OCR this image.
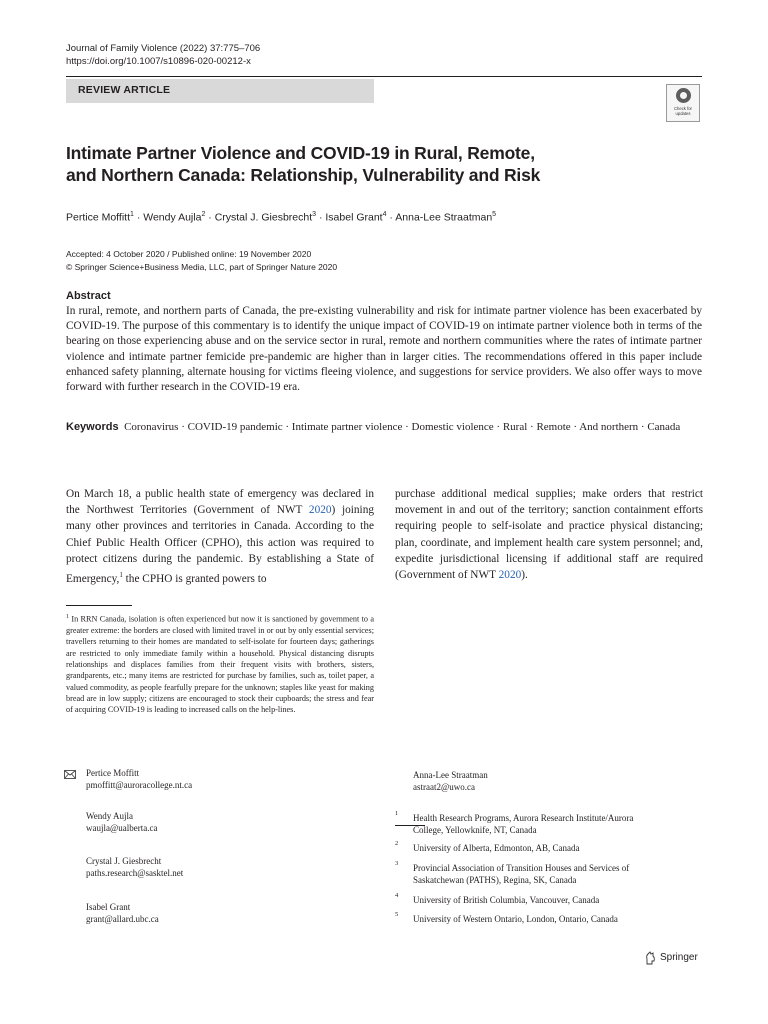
Journal of Family Violence (2022) 37:775–706
https://doi.org/10.1007/s10896-020-00212-x
REVIEW ARTICLE
Check for updates
Intimate Partner Violence and COVID-19 in Rural, Remote,
and Northern Canada: Relationship, Vulnerability and Risk
Pertice Moffitt$^1$ · Wendy Aujla$^2$ · Crystal J. Giesbrecht$^3$ · Isabel Grant$^4$ · Anna-Lee Straatman$^5$
Accepted: 4 October 2020 / Published online: 19 November 2020
© Springer Science+Business Media, LLC, part of Springer Nature 2020
Abstract
In rural, remote, and northern parts of Canada, the pre-existing vulnerability and risk for intimate partner violence has been exacerbated by COVID-19. The purpose of this commentary is to identify the unique impact of COVID-19 on intimate partner violence both in terms of the bearing on those experiencing abuse and on the service sector in rural, remote and northern communities where the rates of intimate partner violence and intimate partner femicide pre-pandemic are higher than in larger cities. The recommendations offered in this paper include enhanced safety planning, alternate housing for victims fleeing violence, and suggestions for service providers. We also offer ways to move forward with further research in the COVID-19 era.
Keywords Coronavirus · COVID-19 pandemic · Intimate partner violence · Domestic violence · Rural · Remote · And northern · Canada
On March 18, a public health state of emergency was declared in the Northwest Territories (Government of NWT 2020) joining many other provinces and territories in Canada. According to the Chief Public Health Officer (CPHO), this action was required to protect citizens during the pandemic. By establishing a State of Emergency,$^1$ the CPHO is granted powers to
purchase additional medical supplies; make orders that restrict movement in and out of the territory; sanction containment efforts requiring people to self-isolate and practice physical distancing; plan, coordinate, and implement health care system personnel; and, expedite jurisdictional licensing if additional staff are required (Government of NWT 2020).
$^1$ In RRN Canada, isolation is often experienced but now it is sanctioned by government to a greater extreme: the borders are closed with limited travel in or out by only essential services; travellers returning to their homes are mandated to self-isolate for fourteen days; gatherings are restricted to only immediate family within a household. Physical distancing disrupts relationships and displaces families from their frequent visits with brothers, sisters, grandparents, etc.; many items are restricted for purchase by families, such as, toilet paper, a valued commodity, as people fearfully prepare for the unknown; staples like yeast for making bread are in low supply; citizens are encouraged to stock their cupboards; the stress and fear of acquiring COVID-19 is leading to increased calls on the help-lines.
Pertice Moffitt
pmoffitt@auroracollege.nt.ca
Wendy Aujla
waujla@ualberta.ca
Crystal J. Giesbrecht
paths.research@sasktel.net
Isabel Grant
grant@allard.ubc.ca
Anna-Lee Straatman
astraat2@uwo.ca
1 Health Research Programs, Aurora Research Institute/Aurora
College, Yellowknife, NT, Canada
2 University of Alberta, Edmonton, AB, Canada
3 Provincial Association of Transition Houses and Services of
Saskatchewan (PATHS), Regina, SK, Canada
4 University of British Columbia, Vancouver, Canada
5 University of Western Ontario, London, Ontario, Canada
Springer
